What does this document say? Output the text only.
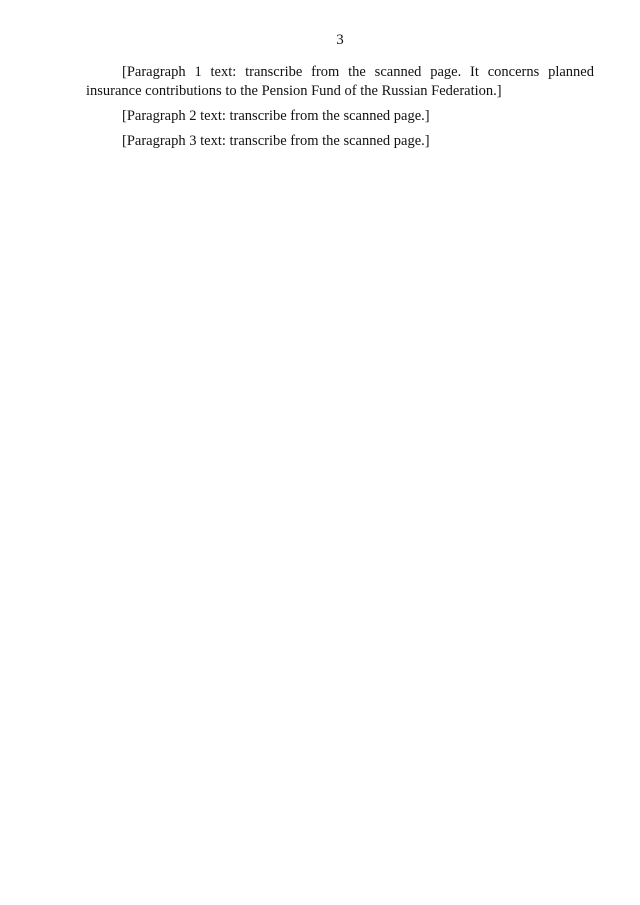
3

[Paragraph 1 text: transcribe from the scanned page. It concerns planned insurance contributions to the Pension Fund of the Russian Federation.]

[Paragraph 2 text: transcribe from the scanned page.]

[Paragraph 3 text: transcribe from the scanned page.]
